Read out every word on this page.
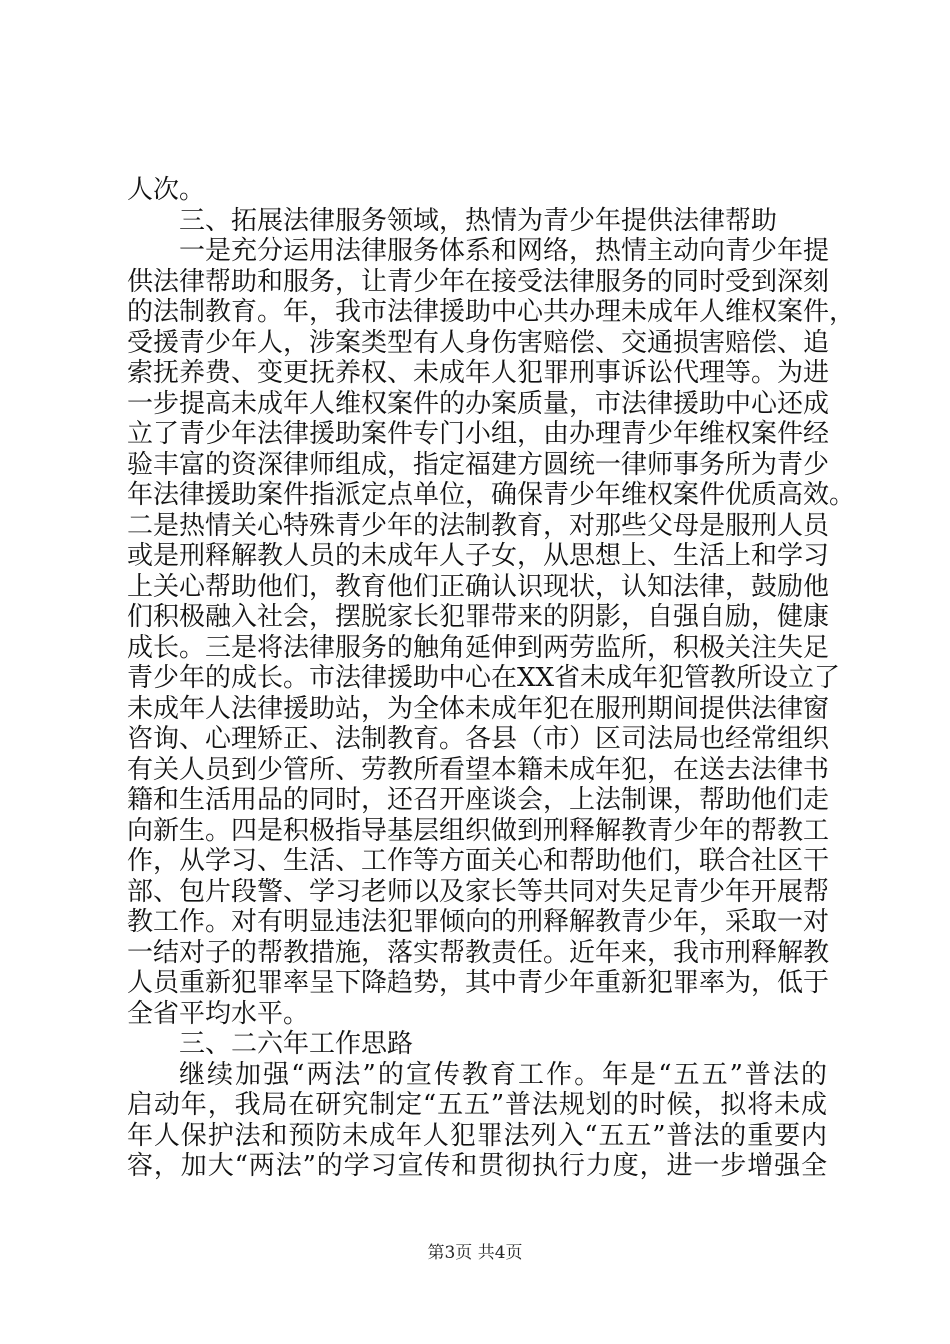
人次。
三、拓展法律服务领域，热情为青少年提供法律帮助
一是充分运用法律服务体系和网络，热情主动向青少年提
供法律帮助和服务，让青少年在接受法律服务的同时受到深刻
的法制教育。年，我市法律援助中心共办理未成年人维权案件，
受援青少年人，涉案类型有人身伤害赔偿、交通损害赔偿、追
索抚养费、变更抚养权、未成年人犯罪刑事诉讼代理等。为进
一步提高未成年人维权案件的办案质量，市法律援助中心还成
立了青少年法律援助案件专门小组，由办理青少年维权案件经
验丰富的资深律师组成，指定福建方圆统一律师事务所为青少
年法律援助案件指派定点单位，确保青少年维权案件优质高效。
二是热情关心特殊青少年的法制教育，对那些父母是服刑人员
或是刑释解教人员的未成年人子女，从思想上、生活上和学习
上关心帮助他们，教育他们正确认识现状，认知法律，鼓励他
们积极融入社会，摆脱家长犯罪带来的阴影，自强自励，健康
成长。三是将法律服务的触角延伸到两劳监所，积极关注失足
青少年的成长。市法律援助中心在XX省未成年犯管教所设立了
未成年人法律援助站，为全体未成年犯在服刑期间提供法律窗
咨询、心理矫正、法制教育。各县（市）区司法局也经常组织
有关人员到少管所、劳教所看望本籍未成年犯，在送去法律书
籍和生活用品的同时，还召开座谈会，上法制课，帮助他们走
向新生。四是积极指导基层组织做到刑释解教青少年的帮教工
作，从学习、生活、工作等方面关心和帮助他们，联合社区干
部、包片段警、学习老师以及家长等共同对失足青少年开展帮
教工作。对有明显违法犯罪倾向的刑释解教青少年，采取一对
一结对子的帮教措施，落实帮教责任。近年来，我市刑释解教
人员重新犯罪率呈下降趋势，其中青少年重新犯罪率为，低于
全省平均水平。
三、二六年工作思路
继续加强“两法”的宣传教育工作。年是“五五”普法的
启动年，我局在研究制定“五五”普法规划的时候，拟将未成
年人保护法和预防未成年人犯罪法列入“五五”普法的重要内
容，加大“两法”的学习宣传和贯彻执行力度，进一步增强全
第3页 共4页
